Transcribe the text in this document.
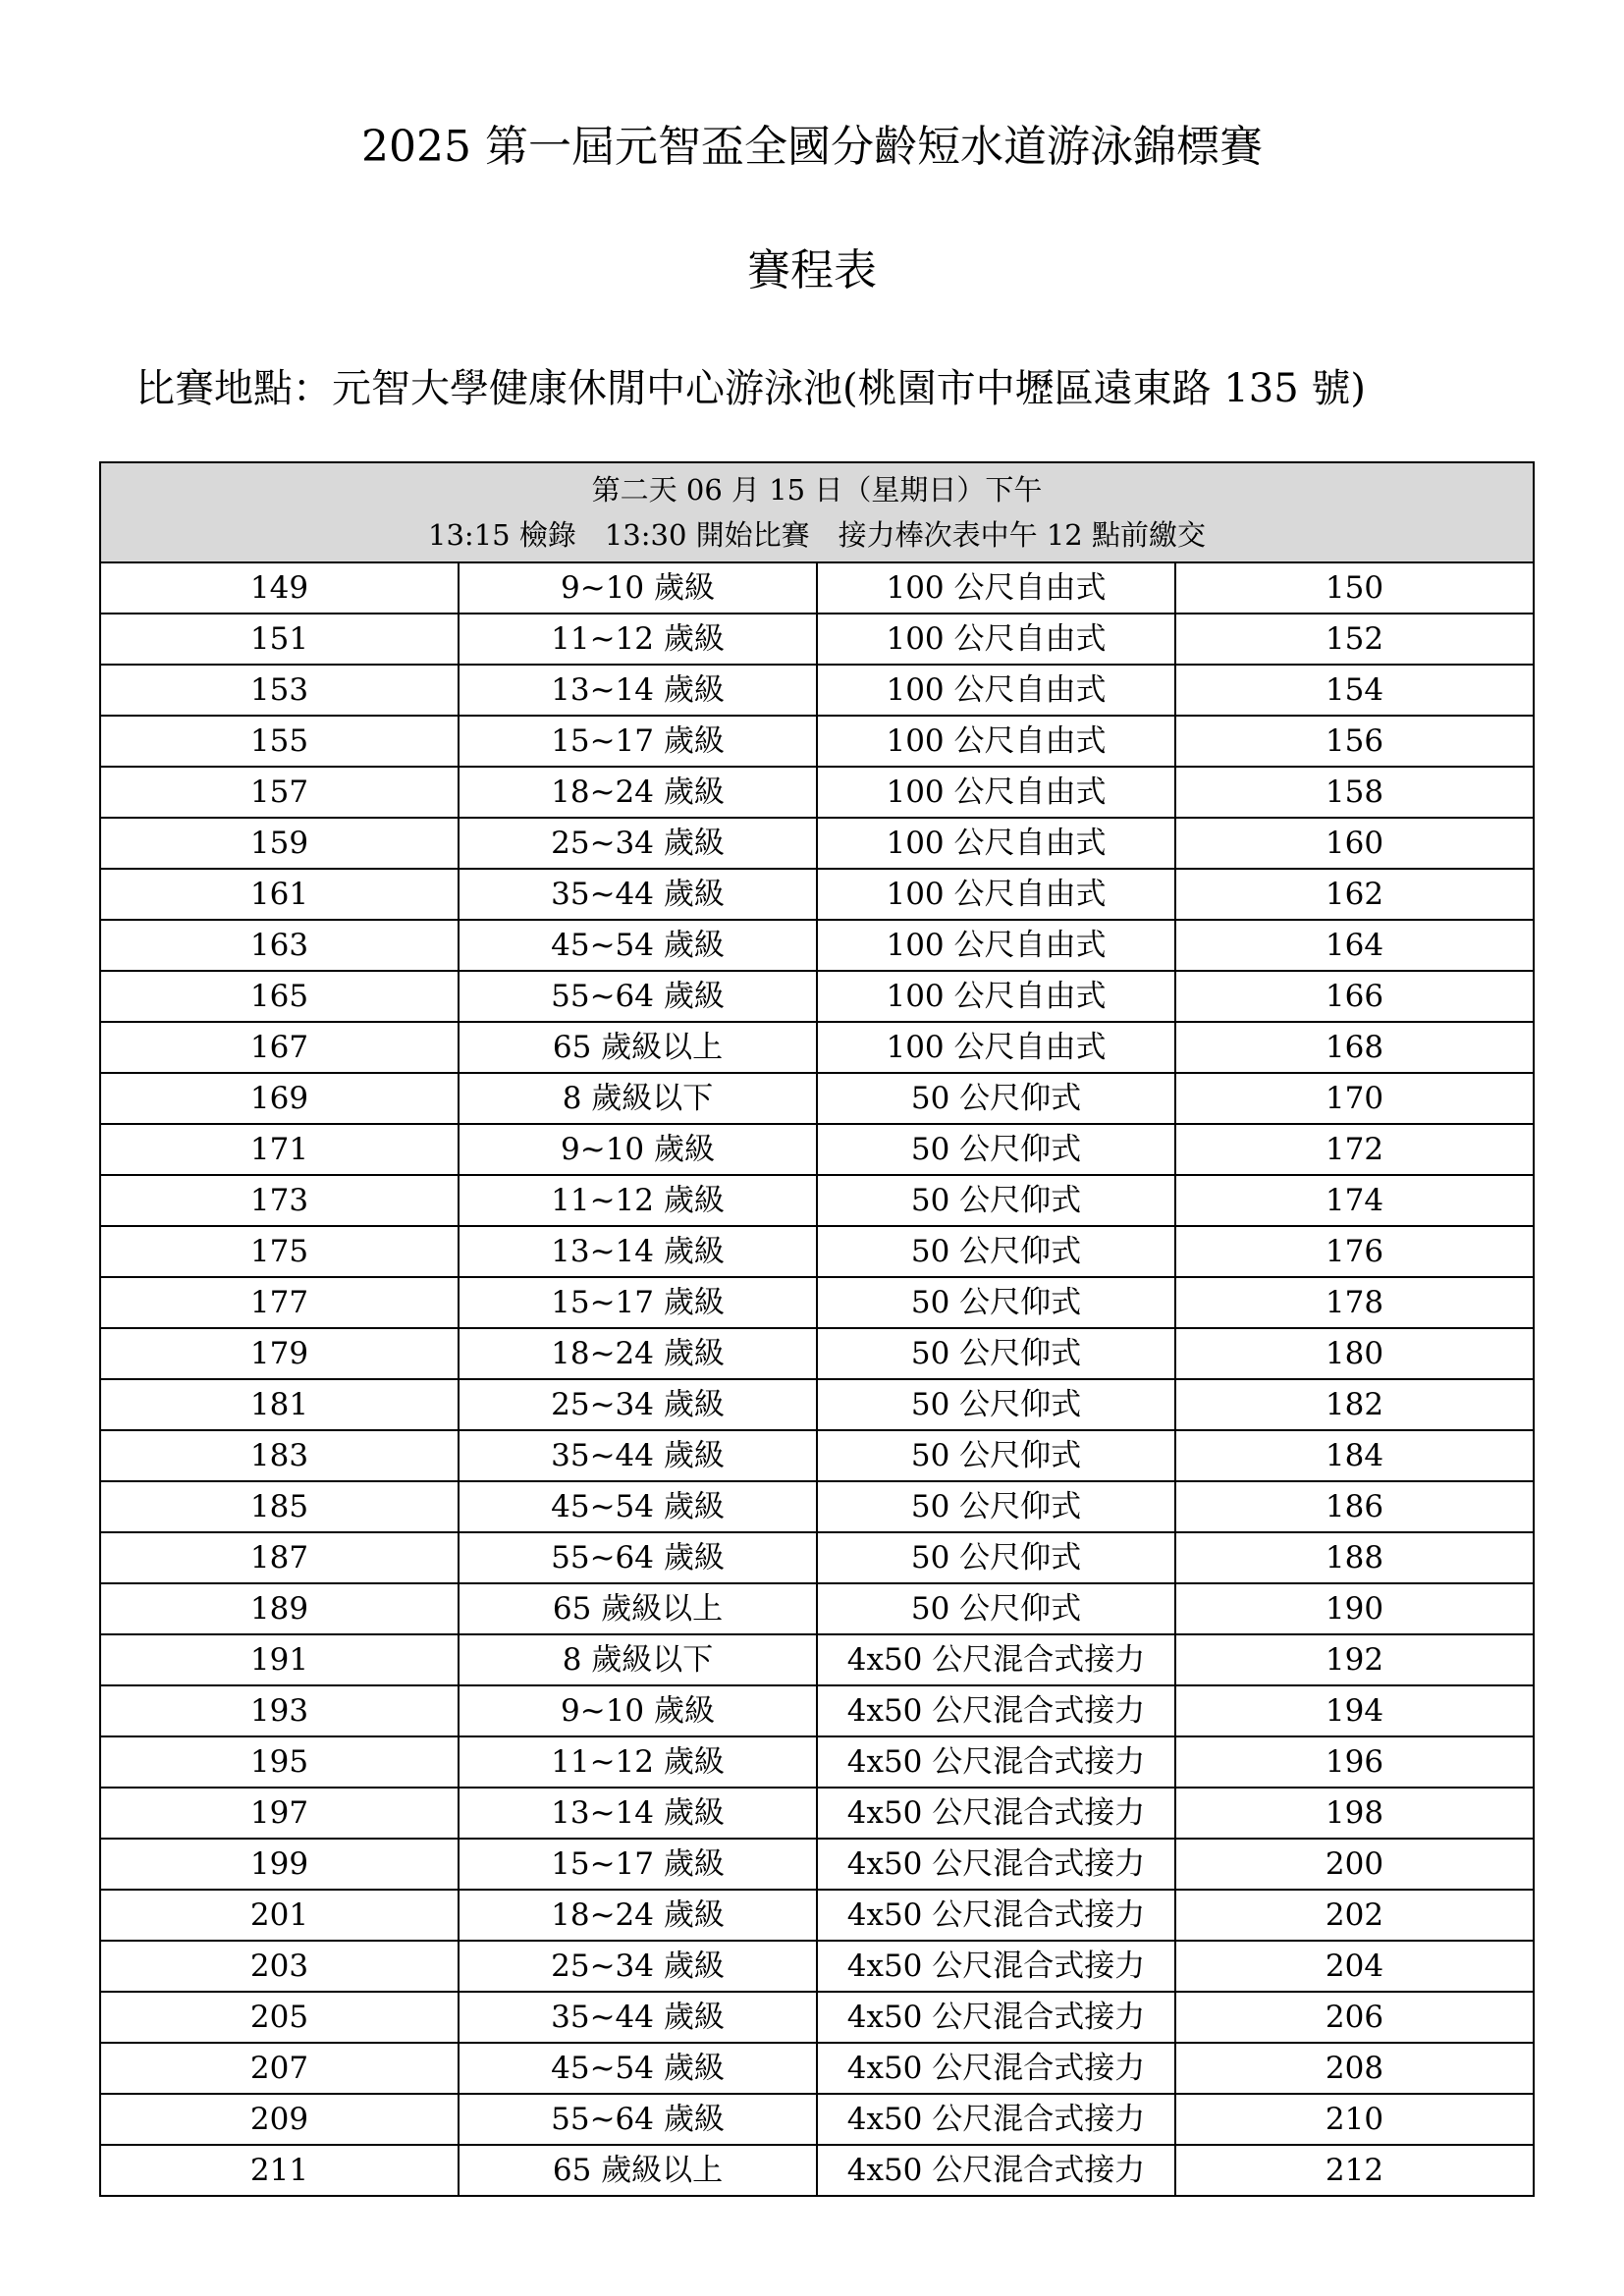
2025 第一屆元智盃全國分齡短水道游泳錦標賽
賽程表
比賽地點：元智大學健康休閒中心游泳池(桃園市中壢區遠東路 135 號)
第二天 06 月 15 日（星期日）下午
13:15 檢錄　13:30 開始比賽　接力棒次表中午 12 點前繳交			

149	9~10 歲級	100 公尺自由式	150
151	11~12 歲級	100 公尺自由式	152
153	13~14 歲級	100 公尺自由式	154
155	15~17 歲級	100 公尺自由式	156
157	18~24 歲級	100 公尺自由式	158
159	25~34 歲級	100 公尺自由式	160
161	35~44 歲級	100 公尺自由式	162
163	45~54 歲級	100 公尺自由式	164
165	55~64 歲級	100 公尺自由式	166
167	65 歲級以上	100 公尺自由式	168
169	8 歲級以下	50 公尺仰式	170
171	9~10 歲級	50 公尺仰式	172
173	11~12 歲級	50 公尺仰式	174
175	13~14 歲級	50 公尺仰式	176
177	15~17 歲級	50 公尺仰式	178
179	18~24 歲級	50 公尺仰式	180
181	25~34 歲級	50 公尺仰式	182
183	35~44 歲級	50 公尺仰式	184
185	45~54 歲級	50 公尺仰式	186
187	55~64 歲級	50 公尺仰式	188
189	65 歲級以上	50 公尺仰式	190
191	8 歲級以下	4x50 公尺混合式接力	192
193	9~10 歲級	4x50 公尺混合式接力	194
195	11~12 歲級	4x50 公尺混合式接力	196
197	13~14 歲級	4x50 公尺混合式接力	198
199	15~17 歲級	4x50 公尺混合式接力	200
201	18~24 歲級	4x50 公尺混合式接力	202
203	25~34 歲級	4x50 公尺混合式接力	204
205	35~44 歲級	4x50 公尺混合式接力	206
207	45~54 歲級	4x50 公尺混合式接力	208
209	55~64 歲級	4x50 公尺混合式接力	210
211	65 歲級以上	4x50 公尺混合式接力	212
